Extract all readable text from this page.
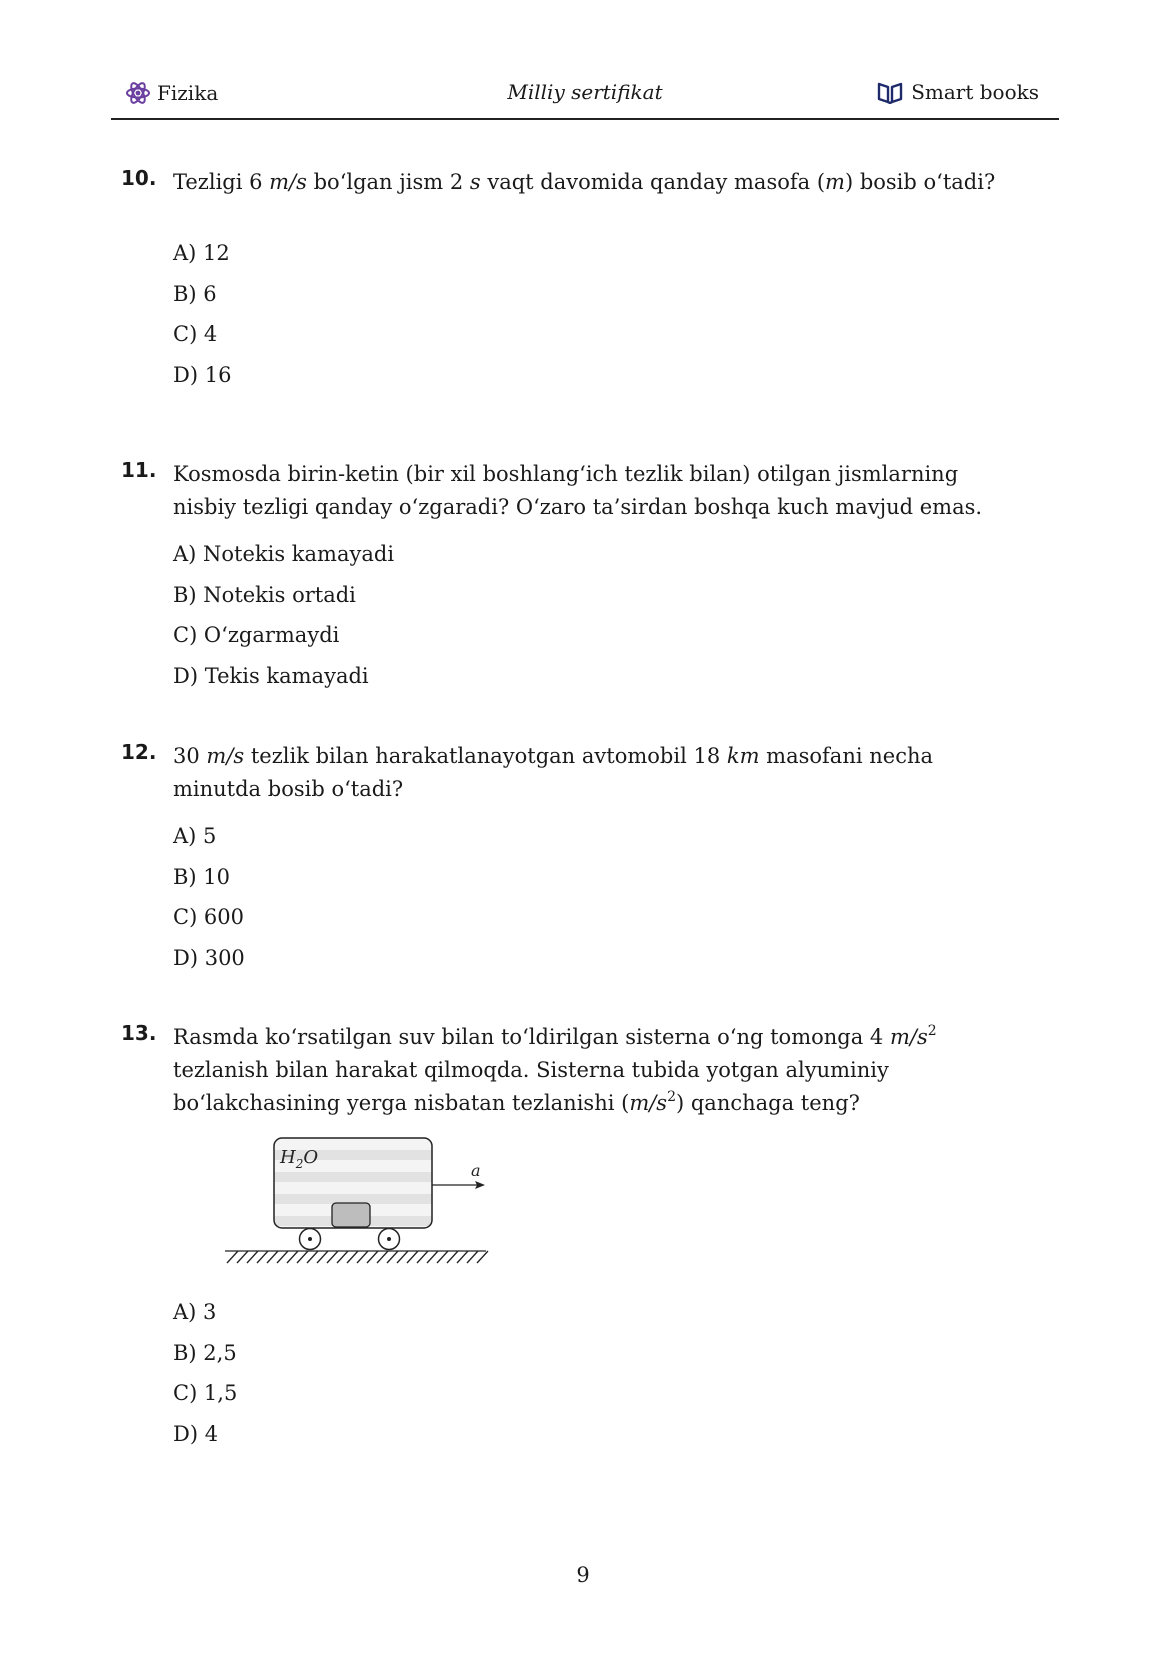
Fizika	Milliy sertifikat	Smart books
10. Tezligi 6 m/s bo‘lgan jism 2 s vaqt davomida qanday masofa (m) bosib o‘tadi?
A) 12
B) 6
C) 4
D) 16
11. Kosmosda birin-ketin (bir xil boshlang‘ich tezlik bilan) otilgan jismlarning nisbiy tezligi qanday o‘zgaradi? O‘zaro ta’sirdan boshqa kuch mavjud emas.
A) Notekis kamayadi
B) Notekis ortadi
C) O‘zgarmaydi
D) Tekis kamayadi
12. 30 m/s tezlik bilan harakatlanayotgan avtomobil 18 km masofani necha minutda bosib o‘tadi?
A) 5
B) 10
C) 600
D) 300
13. Rasmda ko‘rsatilgan suv bilan to‘ldirilgan sisterna o‘ng tomonga 4 $m/s^2$ tezlanish bilan harakat qilmoqda. Sisterna tubida yotgan alyuminiy bo‘lakchasining yerga nisbatan tezlanishi $(m/s^2)$ qanchaga teng?
$H_2O$
a
A) 3
B) 2,5
C) 1,5
D) 4
9
